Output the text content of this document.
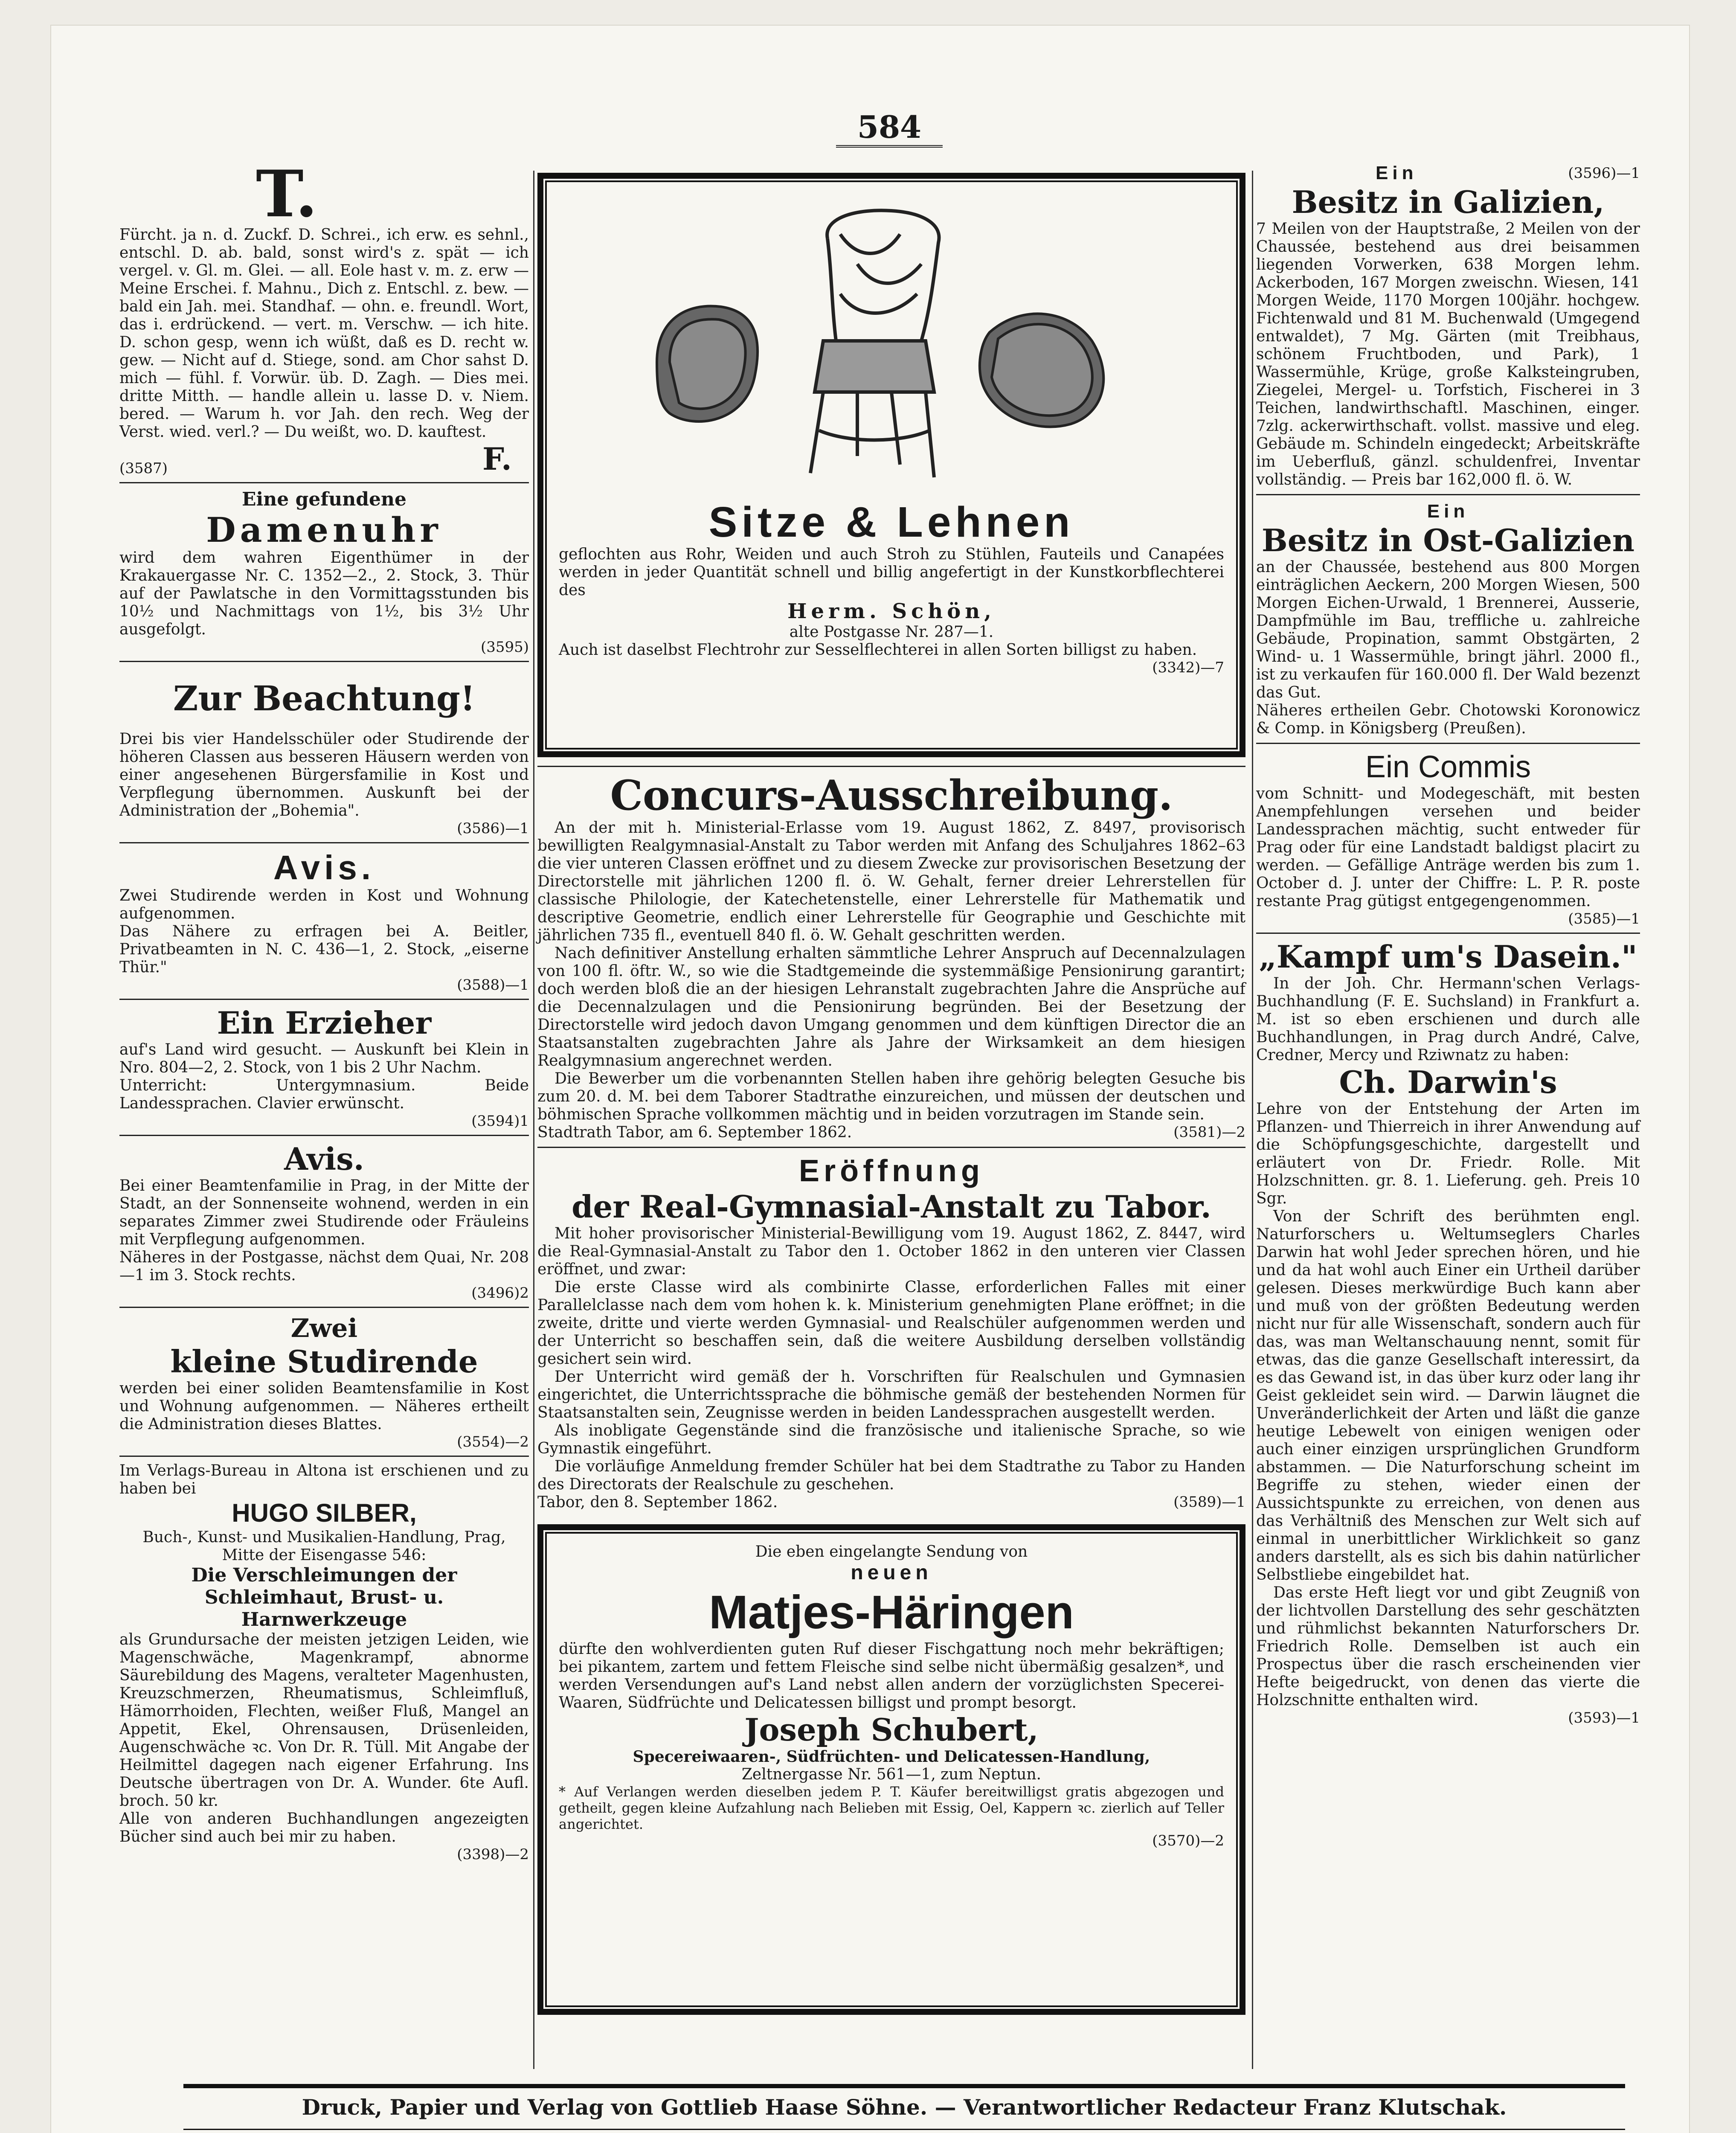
584
T.
Fürcht. ja n. d. Zuckf. D. Schrei., ich erw. es sehnl., entschl. D. ab. bald, sonst wird's z. spät — ich vergel. v. Gl. m. Glei. — all. Eole hast v. m. z. erw — Meine Erschei. f. Mahnu., Dich z. Entschl. z. bew. — bald ein Jah. mei. Standhaf. — ohn. e. freundl. Wort, das i. erdrückend. — vert. m. Verschw. — ich hite. D. schon gesp, wenn ich wüßt, daß es D. recht w. gew. — Nicht auf d. Stiege, sond. am Chor sahst D. mich — fühl. f. Vorwür. üb. D. Zagh. — Dies mei. dritte Mitth. — handle allein u. lasse D. v. Niem. bered. — Warum h. vor Jah. den rech. Weg der Verst. wied. verl.? — Du weißt, wo. D. kauftest.
(3587)	F.
Eine gefundene
Damenuhr
wird dem wahren Eigenthümer in der Krakauergasse Nr. C. 1352—2., 2. Stock, 3. Thür auf der Pawlatsche in den Vormittagsstunden bis 10½ und Nachmittags von 1½, bis 3½ Uhr ausgefolgt.
(3595)
Zur Beachtung!
Drei bis vier Handelsschüler oder Studirende der höheren Classen aus besseren Häusern werden von einer angesehenen Bürgersfamilie in Kost und Verpflegung übernommen. Auskunft bei der Administration der „Bohemia".
(3586)—1
Avis.
Zwei Studirende werden in Kost und Wohnung aufgenommen.
Das Nähere zu erfragen bei A. Beitler, Privatbeamten in N. C. 436—1, 2. Stock, „eiserne Thür."
(3588)—1
Ein Erzieher
auf's Land wird gesucht. — Auskunft bei Klein in Nro. 804—2, 2. Stock, von 1 bis 2 Uhr Nachm.
Unterricht: Untergymnasium. Beide Landessprachen. Clavier erwünscht.
(3594)1
Avis.
Bei einer Beamtenfamilie in Prag, in der Mitte der Stadt, an der Sonnenseite wohnend, werden in ein separates Zimmer zwei Studirende oder Fräuleins mit Verpflegung aufgenommen.
Näheres in der Postgasse, nächst dem Quai, Nr. 208—1 im 3. Stock rechts.
(3496)2
Zwei
kleine Studirende
werden bei einer soliden Beamtensfamilie in Kost und Wohnung aufgenommen. — Näheres ertheilt die Administration dieses Blattes.
(3554)—2
Im Verlags-Bureau in Altona ist erschienen und zu haben bei
HUGO SILBER,
Buch-, Kunst- und Musikalien-Handlung, Prag, Mitte der Eisengasse 546:
Die Verschleimungen der Schleimhaut, Brust- u. Harnwerkzeuge
als Grundursache der meisten jetzigen Leiden, wie Magenschwäche, Magenkrampf, abnorme Säurebildung des Magens, veralteter Magenhusten, Kreuzschmerzen, Rheumatismus, Schleimfluß, Hämorrhoiden, Flechten, weißer Fluß, Mangel an Appetit, Ekel, Ohrensausen, Drüsenleiden, Augenschwäche ꝛc. Von Dr. R. Tüll. Mit Angabe der Heilmittel dagegen nach eigener Erfahrung. Ins Deutsche übertragen von Dr. A. Wunder. 6te Aufl. broch. 50 kr.
Alle von anderen Buchhandlungen angezeigten Bücher sind auch bei mir zu haben.
(3398)—2
Sitze & Lehnen
geflochten aus Rohr, Weiden und auch Stroh zu Stühlen, Fauteils und Canapées werden in jeder Quantität schnell und billig angefertigt in der Kunstkorbflechterei des
Herm. Schön,
alte Postgasse Nr. 287—1.
Auch ist daselbst Flechtrohr zur Sesselflechterei in allen Sorten billigst zu haben.
(3342)—7
Concurs-Ausschreibung.
An der mit h. Ministerial-Erlasse vom 19. August 1862, Z. 8497, provisorisch bewilligten Realgymnasial-Anstalt zu Tabor werden mit Anfang des Schuljahres 1862–63 die vier unteren Classen eröffnet und zu diesem Zwecke zur provisorischen Besetzung der Directorstelle mit jährlichen 1200 fl. ö. W. Gehalt, ferner dreier Lehrerstellen für classische Philologie, der Katechetenstelle, einer Lehrerstelle für Mathematik und descriptive Geometrie, endlich einer Lehrerstelle für Geographie und Geschichte mit jährlichen 735 fl., eventuell 840 fl. ö. W. Gehalt geschritten werden.
Nach definitiver Anstellung erhalten sämmtliche Lehrer Anspruch auf Decennalzulagen von 100 fl. öftr. W., so wie die Stadtgemeinde die systemmäßige Pensionirung garantirt; doch werden bloß die an der hiesigen Lehranstalt zugebrachten Jahre die Ansprüche auf die Decennalzulagen und die Pensionirung begründen. Bei der Besetzung der Directorstelle wird jedoch davon Umgang genommen und dem künftigen Director die an Staatsanstalten zugebrachten Jahre als Jahre der Wirksamkeit an dem hiesigen Realgymnasium angerechnet werden.
Die Bewerber um die vorbenannten Stellen haben ihre gehörig belegten Gesuche bis zum 20. d. M. bei dem Taborer Stadtrathe einzureichen, und müssen der deutschen und böhmischen Sprache vollkommen mächtig und in beiden vorzutragen im Stande sein.
Stadtrath Tabor, am 6. September 1862.	(3581)—2
Eröffnung
der Real-Gymnasial-Anstalt zu Tabor.
Mit hoher provisorischer Ministerial-Bewilligung vom 19. August 1862, Z. 8447, wird die Real-Gymnasial-Anstalt zu Tabor den 1. October 1862 in den unteren vier Classen eröffnet, und zwar:
Die erste Classe wird als combinirte Classe, erforderlichen Falles mit einer Parallelclasse nach dem vom hohen k. k. Ministerium genehmigten Plane eröffnet; in die zweite, dritte und vierte werden Gymnasial- und Realschüler aufgenommen werden und der Unterricht so beschaffen sein, daß die weitere Ausbildung derselben vollständig gesichert sein wird.
Der Unterricht wird gemäß der h. Vorschriften für Realschulen und Gymnasien eingerichtet, die Unterrichtssprache die böhmische gemäß der bestehenden Normen für Staatsanstalten sein, Zeugnisse werden in beiden Landessprachen ausgestellt werden.
Als inobligate Gegenstände sind die französische und italienische Sprache, so wie Gymnastik eingeführt.
Die vorläufige Anmeldung fremder Schüler hat bei dem Stadtrathe zu Tabor zu Handen des Directorats der Realschule zu geschehen.
Tabor, den 8. September 1862.	(3589)—1
Die eben eingelangte Sendung von
neuen
Matjes-Häringen
dürfte den wohlverdienten guten Ruf dieser Fischgattung noch mehr bekräftigen; bei pikantem, zartem und fettem Fleische sind selbe nicht übermäßig gesalzen*, und werden Versendungen auf's Land nebst allen andern der vorzüglichsten Specerei-Waaren, Südfrüchte und Delicatessen billigst und prompt besorgt.
Joseph Schubert,
Specereiwaaren-, Südfrüchten- und Delicatessen-Handlung,
Zeltnergasse Nr. 561—1, zum Neptun.
* Auf Verlangen werden dieselben jedem P. T. Käufer bereitwilligst gratis abgezogen und getheilt, gegen kleine Aufzahlung nach Belieben mit Essig, Oel, Kappern ꝛc. zierlich auf Teller angerichtet.
(3570)—2
Ein	(3596)—1
Besitz in Galizien,
7 Meilen von der Hauptstraße, 2 Meilen von der Chaussée, bestehend aus drei beisammen liegenden Vorwerken, 638 Morgen lehm. Ackerboden, 167 Morgen zweischn. Wiesen, 141 Morgen Weide, 1170 Morgen 100jähr. hochgew. Fichtenwald und 81 M. Buchenwald (Umgegend entwaldet), 7 Mg. Gärten (mit Treibhaus, schönem Fruchtboden, und Park), 1 Wassermühle, Krüge, große Kalksteingruben, Ziegelei, Mergel- u. Torfstich, Fischerei in 3 Teichen, landwirthschaftl. Maschinen, einger. 7zlg. ackerwirthschaft. vollst. massive und eleg. Gebäude m. Schindeln eingedeckt; Arbeitskräfte im Ueberfluß, gänzl. schuldenfrei, Inventar vollständig. — Preis bar 162,000 fl. ö. W.
Ein
Besitz in Ost-Galizien
an der Chaussée, bestehend aus 800 Morgen einträglichen Aeckern, 200 Morgen Wiesen, 500 Morgen Eichen-Urwald, 1 Brennerei, Ausserie, Dampfmühle im Bau, treffliche u. zahlreiche Gebäude, Propination, sammt Obstgärten, 2 Wind- u. 1 Wassermühle, bringt jährl. 2000 fl., ist zu verkaufen für 160.000 fl. Der Wald bezenzt das Gut.
Näheres ertheilen Gebr. Chotowski Koronowicz & Comp. in Königsberg (Preußen).
Ein Commis
vom Schnitt- und Modegeschäft, mit besten Anempfehlungen versehen und beider Landessprachen mächtig, sucht entweder für Prag oder für eine Landstadt baldigst placirt zu werden. — Gefällige Anträge werden bis zum 1. October d. J. unter der Chiffre: L. P. R. poste restante Prag gütigst entgegengenommen.
(3585)—1
„Kampf um's Dasein."
In der Joh. Chr. Hermann'schen Verlags-Buchhandlung (F. E. Suchsland) in Frankfurt a. M. ist so eben erschienen und durch alle Buchhandlungen, in Prag durch André, Calve, Credner, Mercy und Rziwnatz zu haben:
Ch. Darwin's
Lehre von der Entstehung der Arten im Pflanzen- und Thierreich in ihrer Anwendung auf die Schöpfungsgeschichte, dargestellt und erläutert von Dr. Friedr. Rolle. Mit Holzschnitten. gr. 8. 1. Lieferung. geh. Preis 10 Sgr.
Von der Schrift des berühmten engl. Naturforschers u. Weltumseglers Charles Darwin hat wohl Jeder sprechen hören, und hie und da hat wohl auch Einer ein Urtheil darüber gelesen. Dieses merkwürdige Buch kann aber und muß von der größten Bedeutung werden nicht nur für alle Wissenschaft, sondern auch für das, was man Weltanschauung nennt, somit für etwas, das die ganze Gesellschaft interessirt, da es das Gewand ist, in das über kurz oder lang ihr Geist gekleidet sein wird. — Darwin läugnet die Unveränderlichkeit der Arten und läßt die ganze heutige Lebewelt von einigen wenigen oder auch einer einzigen ursprünglichen Grundform abstammen. — Die Naturforschung scheint im Begriffe zu stehen, wieder einen der Aussichtspunkte zu erreichen, von denen aus das Verhältniß des Menschen zur Welt sich auf einmal in unerbittlicher Wirklichkeit so ganz anders darstellt, als es sich bis dahin natürlicher Selbstliebe eingebildet hat.
Das erste Heft liegt vor und gibt Zeugniß von der lichtvollen Darstellung des sehr geschätzten und rühmlichst bekannten Naturforschers Dr. Friedrich Rolle. Demselben ist auch ein Prospectus über die rasch erscheinenden vier Hefte beigedruckt, von denen das vierte die Holzschnitte enthalten wird.
(3593)—1
Druck, Papier und Verlag von Gottlieb Haase Söhne. — Verantwortlicher Redacteur Franz Klutschak.
